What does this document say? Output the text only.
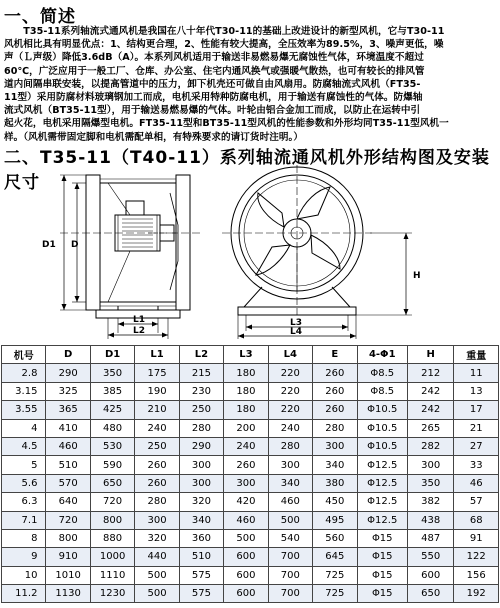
一、简述

　　T35-11系列轴流式通风机是我国在八十年代T30-11的基础上改进设计的新型风机，它与T30-11

风机相比具有明显优点：1、结构更合理，2、性能有较大提高，全压效率为89.5%，3、噪声更低，噪

声（Ｌ声级）降低3.6dB（A）。本系列风机适用于输送非易燃易爆无腐蚀性气体，环境温度不超过

60℃，广泛应用于一般工厂、仓库、办公室、住宅内通风换气或强暖气散热，也可有较长的排风管

道内间隔串联安装，以提高管道中的压力，卸下机壳还可做自由风扇用。防腐轴流式风机（FT35-

11型）采用防腐材料玻璃钢加工而成，电机采用特种防腐电机，用于输送有腐蚀性的气体。防爆轴

流式风机（BT35-11型），用于输送易燃易爆的气体。叶轮由铝合金加工而成，以防止在运转中引

起火花，电机采用隔爆型电机。FT35-11型和BT35-11型风机的性能参数和外形均同T35-11型风机一

样。（风机需带固定脚和电机需配单相，有特殊要求的请订货时注明。）

二、T35-11（T40-11）系列轴流通风机外形结构图及安装尺寸
D1 D
L1
L2
H
L3
L4
机号	D	D1	L1	L2	L3	L4	E	4-Φ1	H	重量
2.8	290	350	175	215	180	220	260	Φ8.5	212	11
3.15	325	385	190	230	180	220	260	Φ8.5	242	13
3.55	365	425	210	250	180	220	260	Φ10.5	242	17
4	410	480	240	280	200	240	280	Φ10.5	265	21
4.5	460	530	250	290	240	280	300	Φ10.5	282	27
5	510	590	260	300	260	300	340	Φ12.5	300	33
5.6	570	650	260	300	300	340	380	Φ12.5	350	46
6.3	640	720	280	320	420	460	450	Φ12.5	382	57
7.1	720	800	300	340	460	500	495	Φ12.5	438	68
8	800	880	320	360	500	540	560	Φ15	487	91
9	910	1000	440	510	600	700	645	Φ15	550	122
10	1010	1110	500	575	600	700	725	Φ15	600	156
11.2	1130	1230	500	575	600	700	725	Φ15	650	192
